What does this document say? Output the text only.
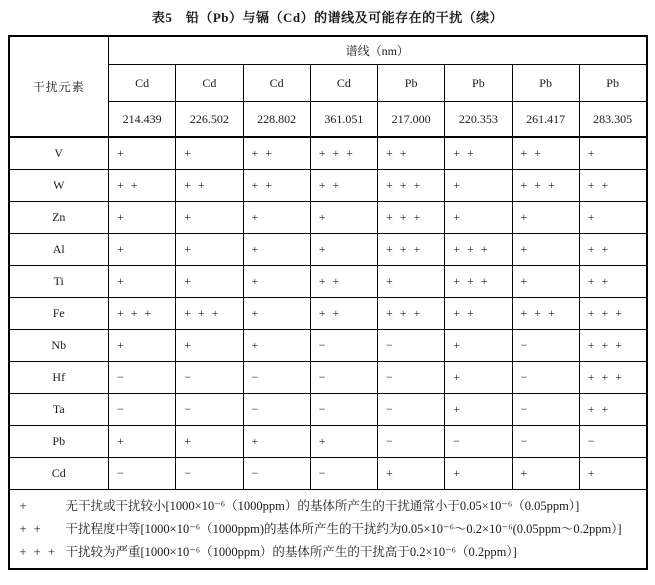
表5　铅（Pb）与镉（Cd）的谱线及可能存在的干扰（续）
干扰元素	谱线（nm）							
	Cd	Cd	Cd	Cd	Pb	Pb	Pb	Pb
	214.439	226.502	228.802	361.051	217.000	220.353	261.417	283.305
V	+	+	+ +	+ + +	+ +	+ +	+ +	+
W	+ +	+ +	+ +	+ +	+ + +	+	+ + +	+ +
Zn	+	+	+	+	+ + +	+	+	+
Al	+	+	+	+	+ + +	+ + +	+	+ +
Ti	+	+	+	+ +	+	+ + +	+	+ +
Fe	+ + +	+ + +	+	+ +	+ + +	+ +	+ + +	+ + +
Nb	+	+	+	−	−	+	−	+ + +
Hf	−	−	−	−	−	+	−	+ + +
Ta	−	−	−	−	−	+	−	+ +
Pb	+	+	+	+	−	−	−	−
Cd	−	−	−	−	+	+	+	+

+	无干扰或干扰较小[1000×10⁻⁶（1000ppm）的基体所产生的干扰通常小于0.05×10⁻⁶（0.05ppm）]
+ +	干扰程度中等[1000×10⁻⁶（1000ppm)的基体所产生的干扰约为0.05×10⁻⁶～0.2×10⁻⁶(0.05ppm～0.2ppm）]
+ + + 干扰较为严重[1000×10⁻⁶（1000ppm）的基体所产生的干扰高于0.2×10⁻⁶（0.2ppm）]
